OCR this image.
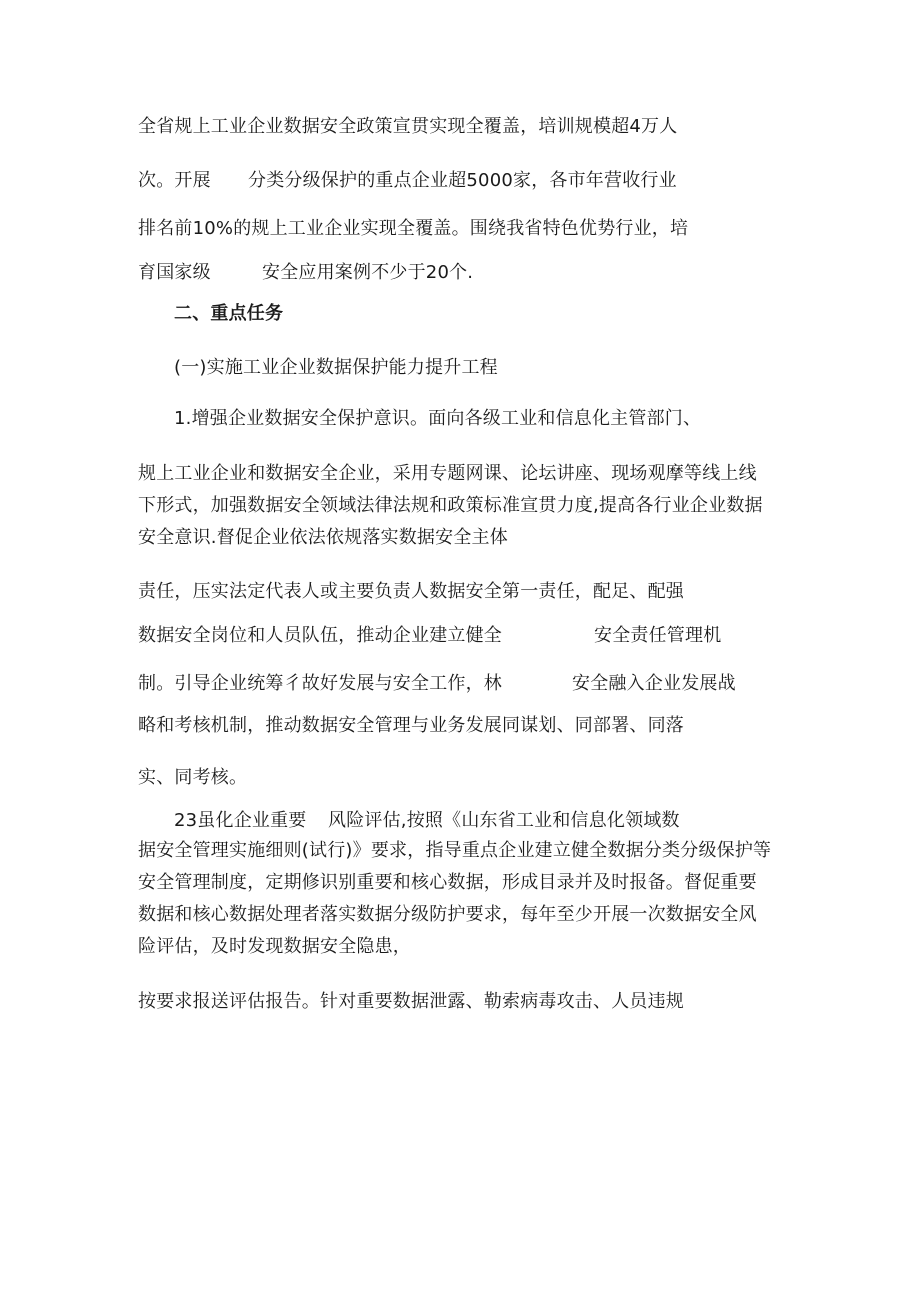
全省规上工业企业数据安全政策宣贯实现全覆盖，培训规模超4万人
次。开展 分类分级保护的重点企业超5000家，各市年营收行业
排名前10%的规上工业企业实现全覆盖。围绕我省特色优势行业，培
育国家级	安全应用案例不少于20个.
二、重点任务
(一)实施工业企业数据保护能力提升工程
1.增强企业数据安全保护意识。面向各级工业和信息化主管部门、
规上工业企业和数据安全企业，采用专题网课、论坛讲座、现场观摩等线上线
下形式，加强数据安全领域法律法规和政策标准宣贯力度,提高各行业企业数据
安全意识.督促企业依法依规落实数据安全主体
责任，压实法定代表人或主要负责人数据安全第一责任，配足、配强
数据安全岗位和人员队伍，推动企业建立健全	安全责任管理机
制。引导企业统筹彳故好发展与安全工作，林	安全融入企业发展战
略和考核机制，推动数据安全管理与业务发展同谋划、同部署、同落
实、同考核。
23虽化企业重要 风险评估,按照《山东省工业和信息化领域数
据安全管理实施细则(试行)》要求，指导重点企业建立健全数据分类分级保护等
安全管理制度，定期修识别重要和核心数据，形成目录并及时报备。督促重要
数据和核心数据处理者落实数据分级防护要求，每年至少开展一次数据安全风
险评估，及时发现数据安全隐患，
按要求报送评估报告。针对重要数据泄露、勒索病毒攻击、人员违规
